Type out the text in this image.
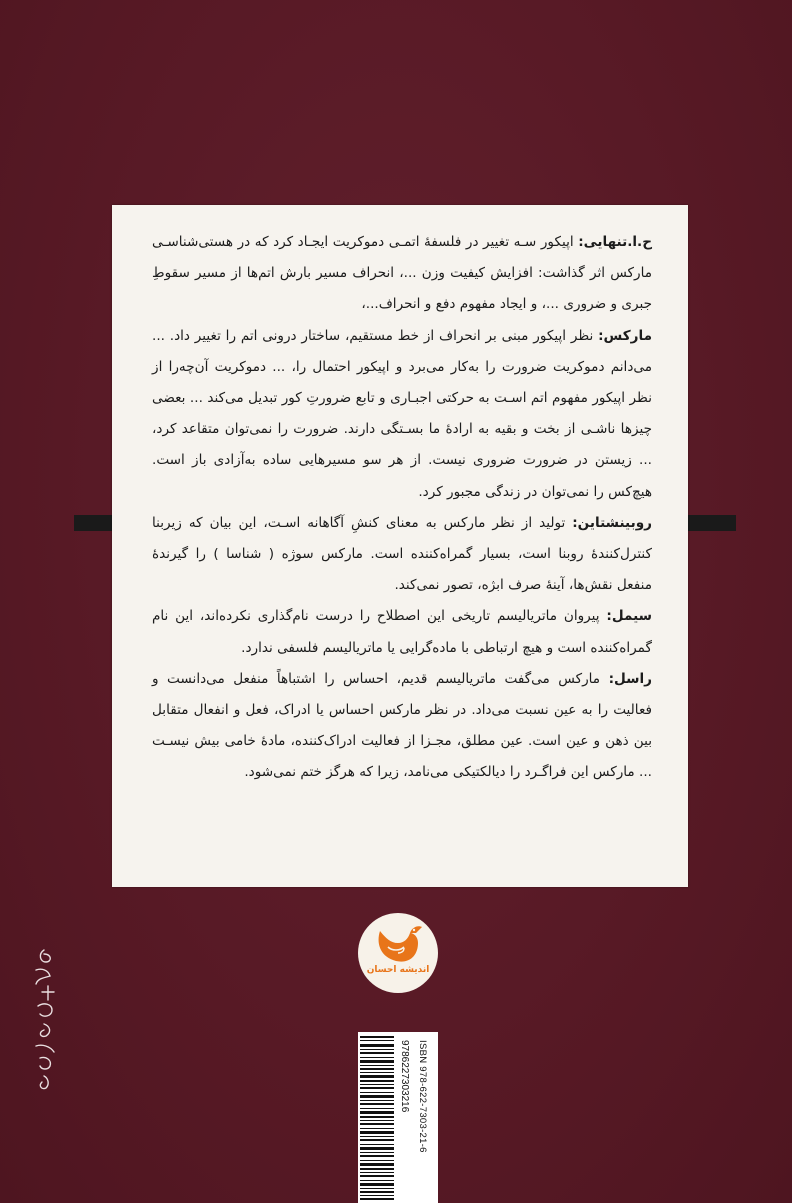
ح.ا.تنهایی: اپیکور سـه تغییر در فلسفهٔ اتمـی دموکریت ایجـاد کرد که در هستی‌شناسـی مارکس اثر گذاشت: افزایش کیفیت وزن ...، انحراف مسیر بارش اتم‌ها از مسیر سقوطِ جبری و ضروری ...، و ایجاد مفهوم دفع و انحراف...،

مارکس: نظر اپیکور مبنی بر انحراف از خط مستقیم، ساختار درونی اتم را تغییر داد. ... می‌دانم دموکریت ضرورت را به‌کار می‌برد و اپیکور احتمال را، ... دموکریت آن‌چه‌را از نظر اپیکور مفهوم اتم اسـت به حرکتی اجبـاری و تابع ضرورتِ کور تبدیل می‌کند ... بعضی چیزها ناشـی از بخت و بقیه به ارادهٔ ما بسـتگی دارند. ضرورت را نمی‌توان متقاعد کرد، ... زیستن در ضرورت ضروری نیست. از هر سو مسیرهایی ساده به‌آزادی باز است. هیچ‌کس را نمی‌توان در زندگی مجبور کرد.

روبینشتاین: تولید از نظر مارکس به معنای کنشِ آگاهانه اسـت، این بیان که زیربنا کنترل‌کنندهٔ روبنا است، بسیار گمراه‌کننده است. مارکس سوژه ( شناسا ) را گیرندهٔ منفعل نقش‌ها، آینهٔ صرف ابژه، تصور نمی‌کند.

سیمل: پیروان ماتریالیسم تاریخی این اصطلاح را درست نام‌گذاری نکرده‌اند، این نام گمراه‌کننده است و هیچ ارتباطی با ماده‌گرایی یا ماتریالیسم فلسفی ندارد.

راسل: مارکس می‌گفت ماتریالیسم قدیم، احساس را اشتباهاً منفعل می‌دانست و فعالیت را به عین نسبت می‌داد. در نظر مارکس احساس یا ادراک، فعل و انفعال متقابل بین ذهن و عین است. عین مطلق، مجـزا از فعالیت ادراک‌کننده، مادهٔ خامی بیش نیسـت ... مارکس این فراگـرد را دیالکتیکی می‌نامد، زیرا که هرگز ختم نمی‌شود.

اندیشه احسان
9786227303216 ISBN 978-622-7303-21-6
